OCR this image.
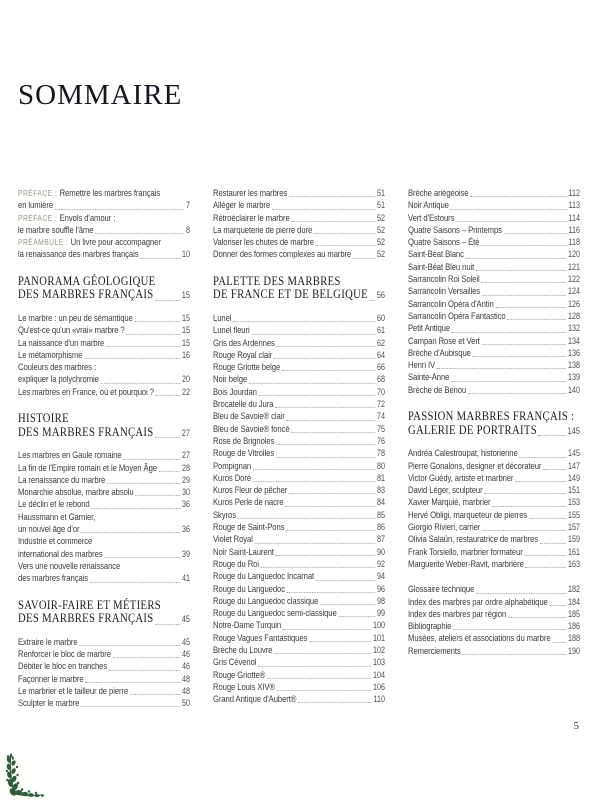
SOMMAIRE
PRÉFACE : Remettre les marbres français
en lumière	7
PRÉFACE : Envols d'amour :
le marbre souffle l'âme	8
PRÉAMBULE : Un livre pour accompagner
la renaissance des marbres français	10
PANORAMA GÉOLOGIQUE
DES MARBRES FRANÇAIS	15
Le marbre : un peu de sémantique	15
Qu'est-ce qu'un «vrai» marbre ?	15
La naissance d'un marbre	15
Le métamorphisme	16
Couleurs des marbres :
expliquer la polychromie	20
Les marbres en France, où et pourquoi ?	22
HISTOIRE
DES MARBRES FRANÇAIS	27
Les marbres en Gaule romaine	27
La fin de l'Empire romain et le Moyen Âge	28
La renaissance du marbre	29
Monarchie absolue, marbre absolu	30
Le déclin et le rebond	36
Haussmann et Garnier,
un nouvel âge d'or	36
Industrie et commerce
international des marbres	39
Vers une nouvelle renaissance
des marbres français	41
SAVOIR-FAIRE ET MÉTIERS
DES MARBRES FRANÇAIS	45
Extraire le marbre	45
Renforcer le bloc de marbre	46
Débiter le bloc en tranches	46
Façonner le marbre	48
Le marbrier et le tailleur de pierre	48
Sculpter le marbre	50
Restaurer les marbres	51
Alléger le marbre	51
Rétroéclairer le marbre	52
La marqueterie de pierre dure	52
Valoriser les chutes de marbre	52
Donner des formes complexes au marbre	52
PALETTE DES MARBRES
DE FRANCE ET DE BELGIQUE 56
Lunel	60
Lunel fleuri	61
Gris des Ardennes	62
Rouge Royal clair	64
Rouge Griotte belge	66
Noir belge	68
Bois Jourdan	70
Brocatelle du Jura	72
Bleu de Savoie® clair	74
Bleu de Savoie® foncé	75
Rose de Brignoles	76
Rouge de Vitrolles	78
Pompignan	80
Kuros Doré	81
Kuros Fleur de pêcher	83
Kuros Perle de nacre	84
Skyros	85
Rouge de Saint-Pons	86
Violet Royal	87
Noir Saint-Laurent	90
Rouge du Roi	92
Rouge du Languedoc Incarnat	94
Rouge du Languedoc	96
Rouge du Languedoc classique	98
Rouge du Languedoc semi-classique	99
Notre-Dame Turquin	100
Rouge Vagues Fantastiques	101
Brèche du Louvre	102
Gris Cévenol	103
Rouge Griotte®	104
Rouge Louis XIV®	106
Grand Antique d'Aubert®	110
Brèche ariégeoise	112
Noir Antique	113
Vert d'Estours	114
Quatre Saisons – Printemps	116
Quatre Saisons – Été	118
Saint-Béat Blanc	120
Saint-Béat Bleu nuit	121
Sarrancolin Roi Soleil	122
Sarrancolin Versailles	124
Sarrancolin Opéra d'Antin	126
Sarrancolin Opéra Fantastico	128
Petit Antique	132
Campan Rose et Vert	134
Brèche d'Aubisque	136
Henri IV	138
Sainte-Anne	139
Brèche de Benou	140
PASSION MARBRES FRANÇAIS :
GALERIE DE PORTRAITS	145
Andréa Calestroupat, historienne	145
Pierre Gonalons, designer et décorateur	147
Victor Guédy, artiste et marbrier	149
David Léger, sculpteur	151
Xavier Marquié, marbrier	153
Hervé Obligi, marqueteur de pierres	155
Giorgio Rivieri, carrier	157
Olivia Salaün, restauratrice de marbres	159
Frank Torsiello, marbrier formateur	161
Marguerite Weber-Ravit, marbrière	163
Glossaire technique	182
Index des marbres par ordre alphabétique 184
Index des marbres par région	185
Bibliographie	186
Musées, ateliers et associations du marbre 188
Remerciements	190
5
